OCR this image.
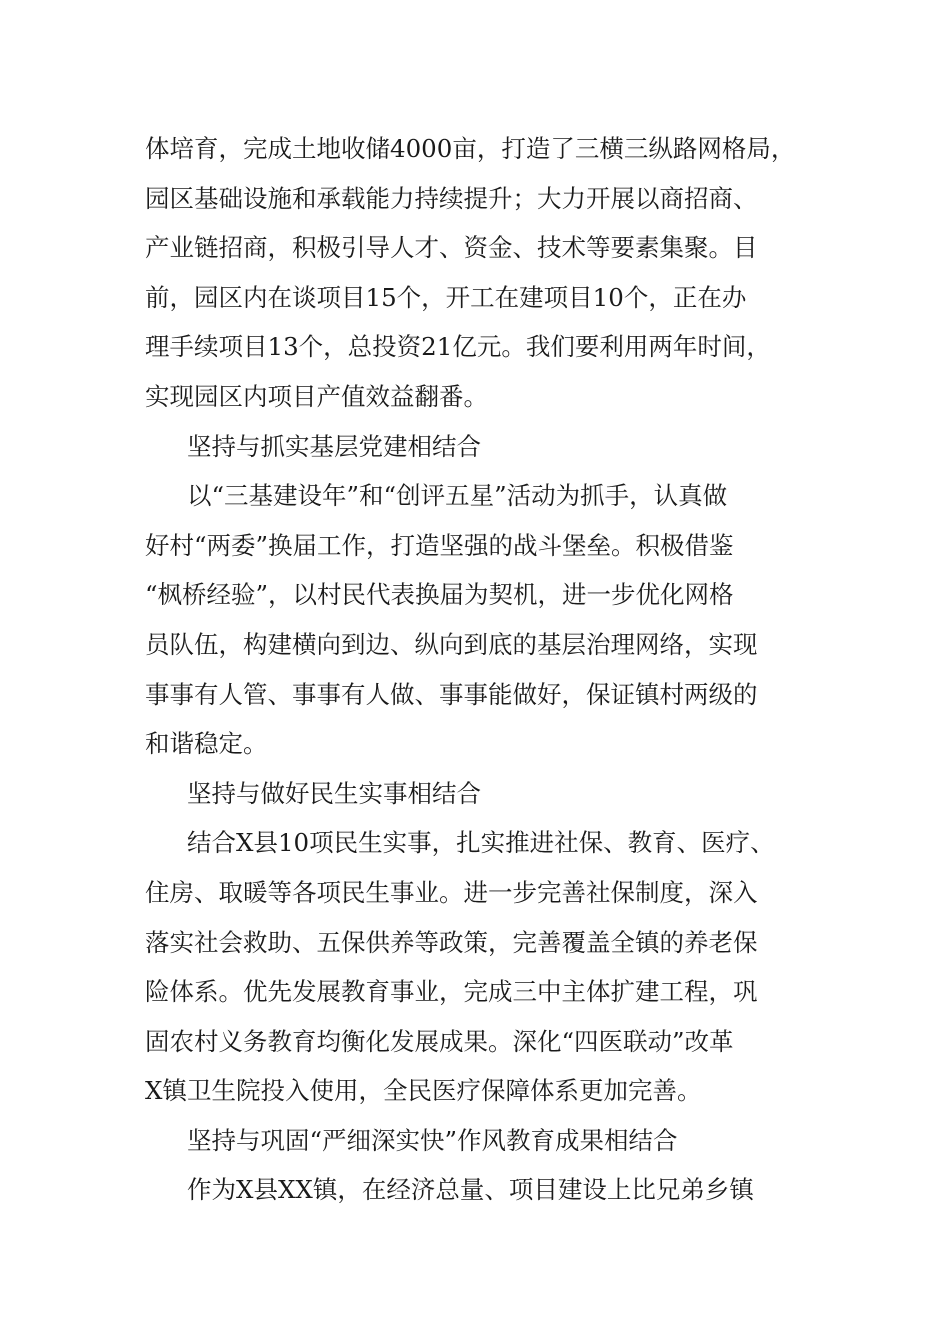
体培育，完成土地收储4000亩，打造了三横三纵路网格局，
园区基础设施和承载能力持续提升；大力开展以商招商、
产业链招商，积极引导人才、资金、技术等要素集聚。目
前，园区内在谈项目15个，开工在建项目10个，正在办
理手续项目13个，总投资21亿元。我们要利用两年时间，
实现园区内项目产值效益翻番。
坚持与抓实基层党建相结合
以“三基建设年”和“创评五星”活动为抓手，认真做
好村“两委”换届工作，打造坚强的战斗堡垒。积极借鉴
“枫桥经验”，以村民代表换届为契机，进一步优化网格
员队伍，构建横向到边、纵向到底的基层治理网络，实现
事事有人管、事事有人做、事事能做好，保证镇村两级的
和谐稳定。
坚持与做好民生实事相结合
结合X县10项民生实事，扎实推进社保、教育、医疗、
住房、取暖等各项民生事业。进一步完善社保制度，深入
落实社会救助、五保供养等政策，完善覆盖全镇的养老保
险体系。优先发展教育事业，完成三中主体扩建工程，巩
固农村义务教育均衡化发展成果。深化“四医联动”改革
X镇卫生院投入使用，全民医疗保障体系更加完善。
坚持与巩固“严细深实快”作风教育成果相结合
作为X县XX镇，在经济总量、项目建设上比兄弟乡镇
